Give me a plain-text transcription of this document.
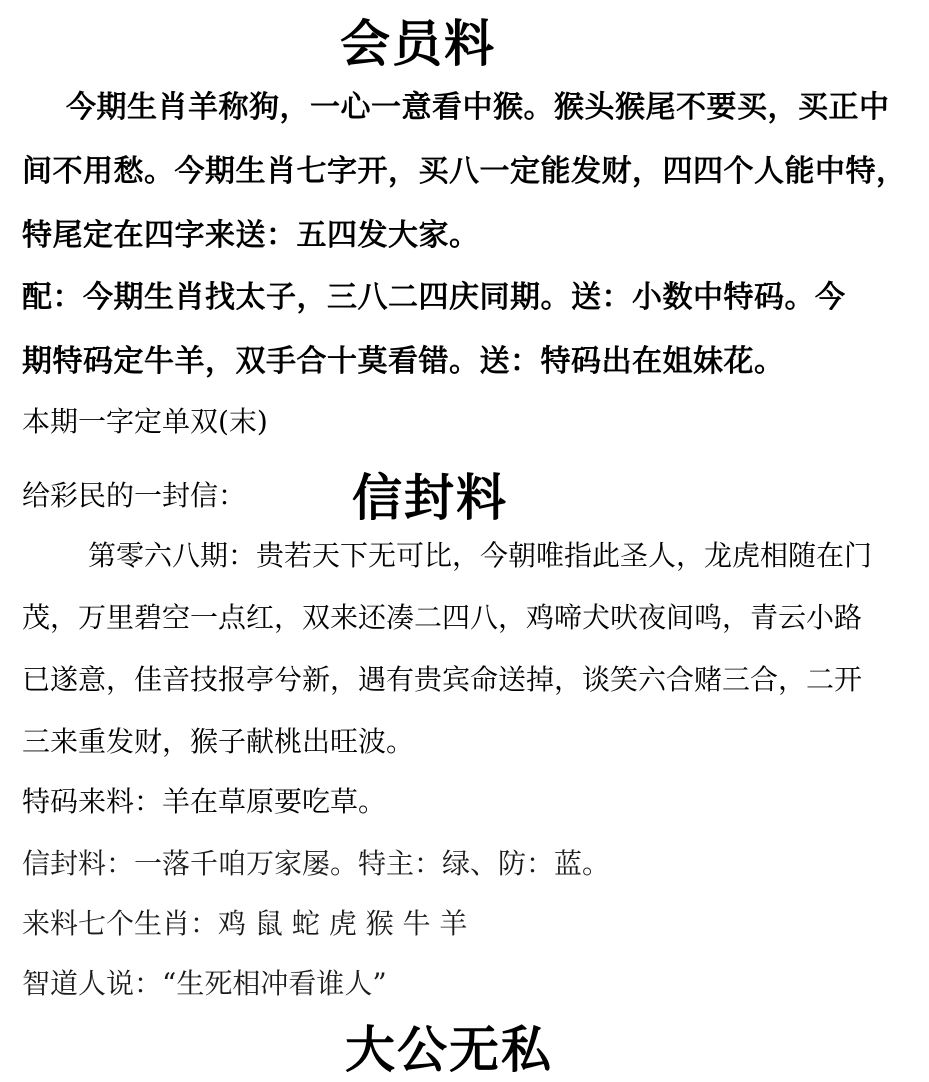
会员料
今期生肖羊称狗，一心一意看中猴。猴头猴尾不要买，买正中
间不用愁。今期生肖七字开，买八一定能发财，四四个人能中特，
特尾定在四字来送：五四发大家。
配：今期生肖找太子，三八二四庆同期。送：小数中特码。今
期特码定牛羊，双手合十莫看错。送：特码出在姐妹花。
本期一字定单双(末)
给彩民的一封信： 信封料
第零六八期：贵若天下无可比，今朝唯指此圣人，龙虎相随在门
茂，万里碧空一点红，双来还凑二四八，鸡啼犬吠夜间鸣，青云小路
已遂意，佳音技报亭兮新，遇有贵宾命送掉，谈笑六合赌三合，二开
三来重发财，猴子献桃出旺波。
特码来料：羊在草原要吃草。
信封料：一落千咱万家屡。特主：绿、防：蓝。
来料七个生肖：鸡 鼠 蛇 虎 猴 牛 羊
智道人说：“生死相冲看谁人”
大公无私
